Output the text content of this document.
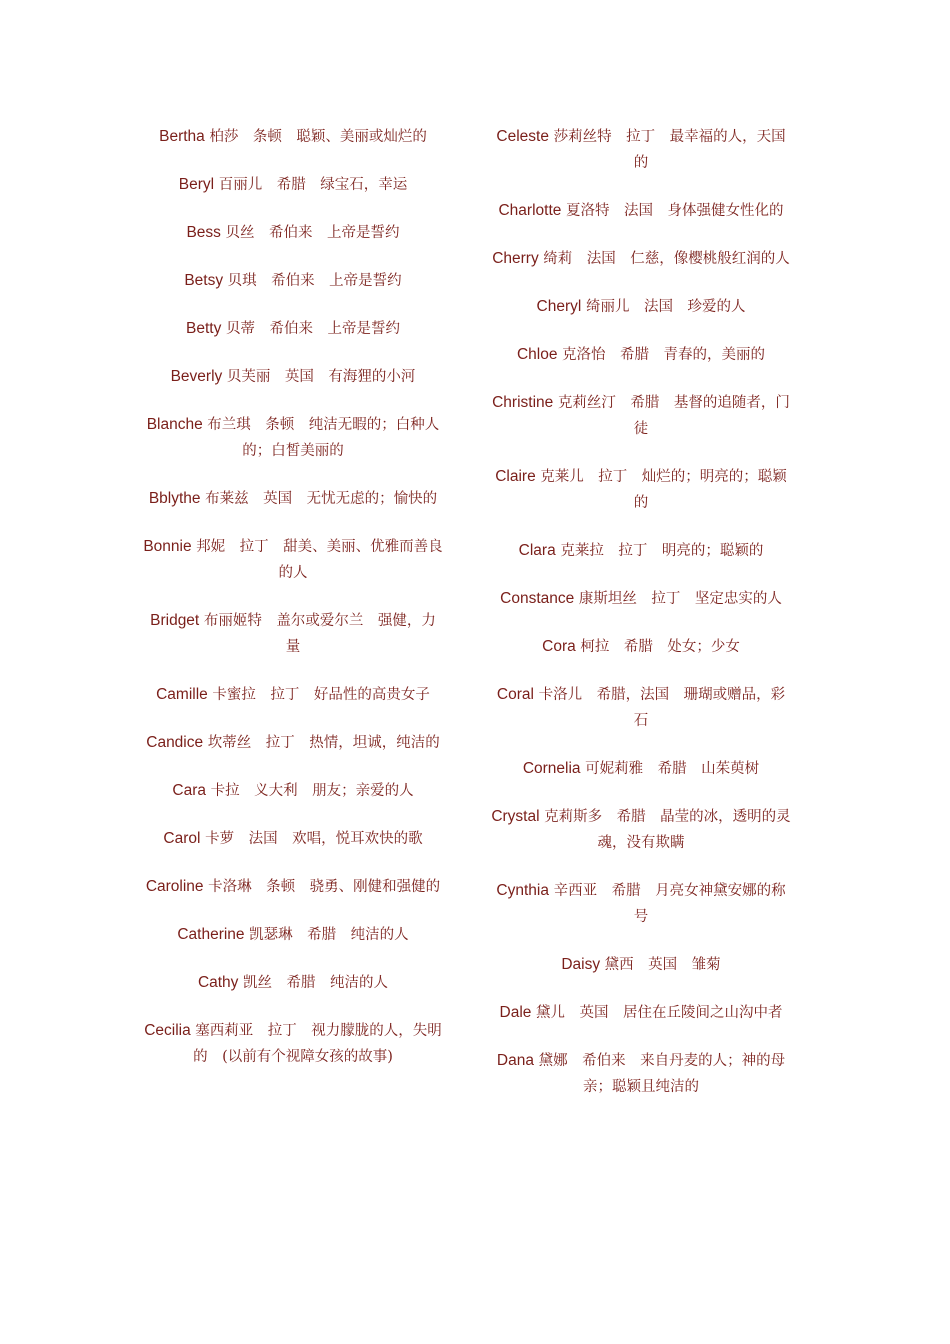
Bertha 柏莎　条顿　聪颖、美丽或灿烂的
Beryl 百丽儿　希腊　绿宝石，幸运
Bess 贝丝　希伯来　上帝是誓约
Betsy 贝琪　希伯来　上帝是誓约
Betty 贝蒂　希伯来　上帝是誓约
Beverly 贝芙丽　英国　有海狸的小河
Blanche 布兰琪　条顿　纯洁无暇的；白种人的；白皙美丽的
Bblythe 布莱兹　英国　无忧无虑的；愉快的
Bonnie 邦妮　拉丁　甜美、美丽、优雅而善良的人
Bridget 布丽姬特　盖尔或爱尔兰　强健，力量
Camille 卡蜜拉　拉丁　好品性的高贵女子
Candice 坎蒂丝　拉丁　热情，坦诚，纯洁的
Cara 卡拉　义大利　朋友；亲爱的人
Carol 卡萝　法国　欢唱，悦耳欢快的歌
Caroline 卡洛琳　条顿　骁勇、刚健和强健的
Catherine 凯瑟琳　希腊　纯洁的人
Cathy 凯丝　希腊　纯洁的人
Cecilia 塞西莉亚　拉丁　视力朦胧的人，失明的　(以前有个视障女孩的故事)
Celeste 莎莉丝特　拉丁　最幸福的人，天国的
Charlotte 夏洛特　法国　身体强健女性化的
Cherry 绮莉　法国　仁慈，像樱桃般红润的人
Cheryl 绮丽儿　法国　珍爱的人
Chloe 克洛怡　希腊　青春的，美丽的
Christine 克莉丝汀　希腊　基督的追随者，门徒
Claire 克莱儿　拉丁　灿烂的；明亮的；聪颖的
Clara 克莱拉　拉丁　明亮的；聪颖的
Constance 康斯坦丝　拉丁　坚定忠实的人
Cora 柯拉　希腊　处女；少女
Coral 卡洛儿　希腊，法国　珊瑚或赠品，彩石
Cornelia 可妮莉雅　希腊　山茱萸树
Crystal 克莉斯多　希腊　晶莹的冰，透明的灵魂，没有欺瞒
Cynthia 辛西亚　希腊　月亮女神黛安娜的称号
Daisy 黛西　英国　雏菊
Dale 黛儿　英国　居住在丘陵间之山沟中者
Dana 黛娜　希伯来　来自丹麦的人；神的母亲；聪颖且纯洁的
